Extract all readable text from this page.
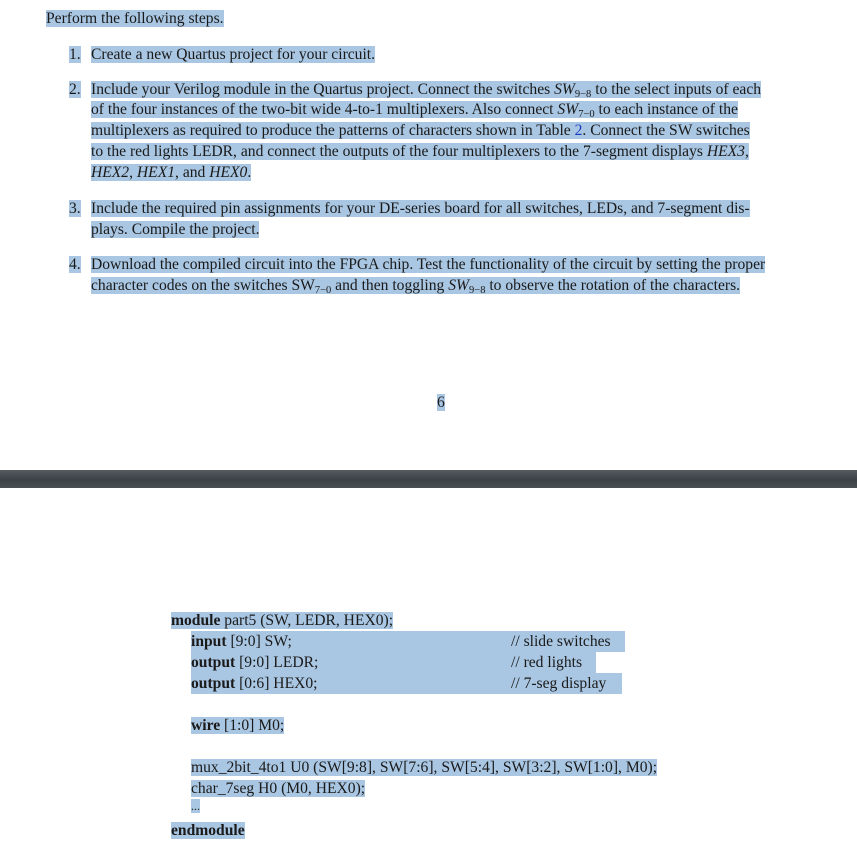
Perform the following steps.
1. Create a new Quartus project for your circuit.
2. Include your Verilog module in the Quartus project. Connect the switches $SW_{9-8}$ to the select inputs of each
of the four instances of the two-bit wide 4-to-1 multiplexers. Also connect $SW_{7-0}$ to each instance of the
multiplexers as required to produce the patterns of characters shown in Table 2. Connect the SW switches
to the red lights LEDR, and connect the outputs of the four multiplexers to the 7-segment displays HEX3,
HEX2, HEX1, and HEX0.
3. Include the required pin assignments for your DE-series board for all switches, LEDs, and 7-segment dis-
plays. Compile the project.
4. Download the compiled circuit into the FPGA chip. Test the functionality of the circuit by setting the proper
character codes on the switches $SW_{7-0}$ and then toggling $SW_{9-8}$ to observe the rotation of the characters.
6
module part5 (SW, LEDR, HEX0);
input [9:0] SW;	// slide switches
output [9:0] LEDR;	// red lights
output [0:6] HEX0;	// 7-seg display
wire [1:0] M0;
mux_2bit_4to1 U0 (SW[9:8], SW[7:6], SW[5:4], SW[3:2], SW[1:0], M0);
char_7seg H0 (M0, HEX0);
...
endmodule
